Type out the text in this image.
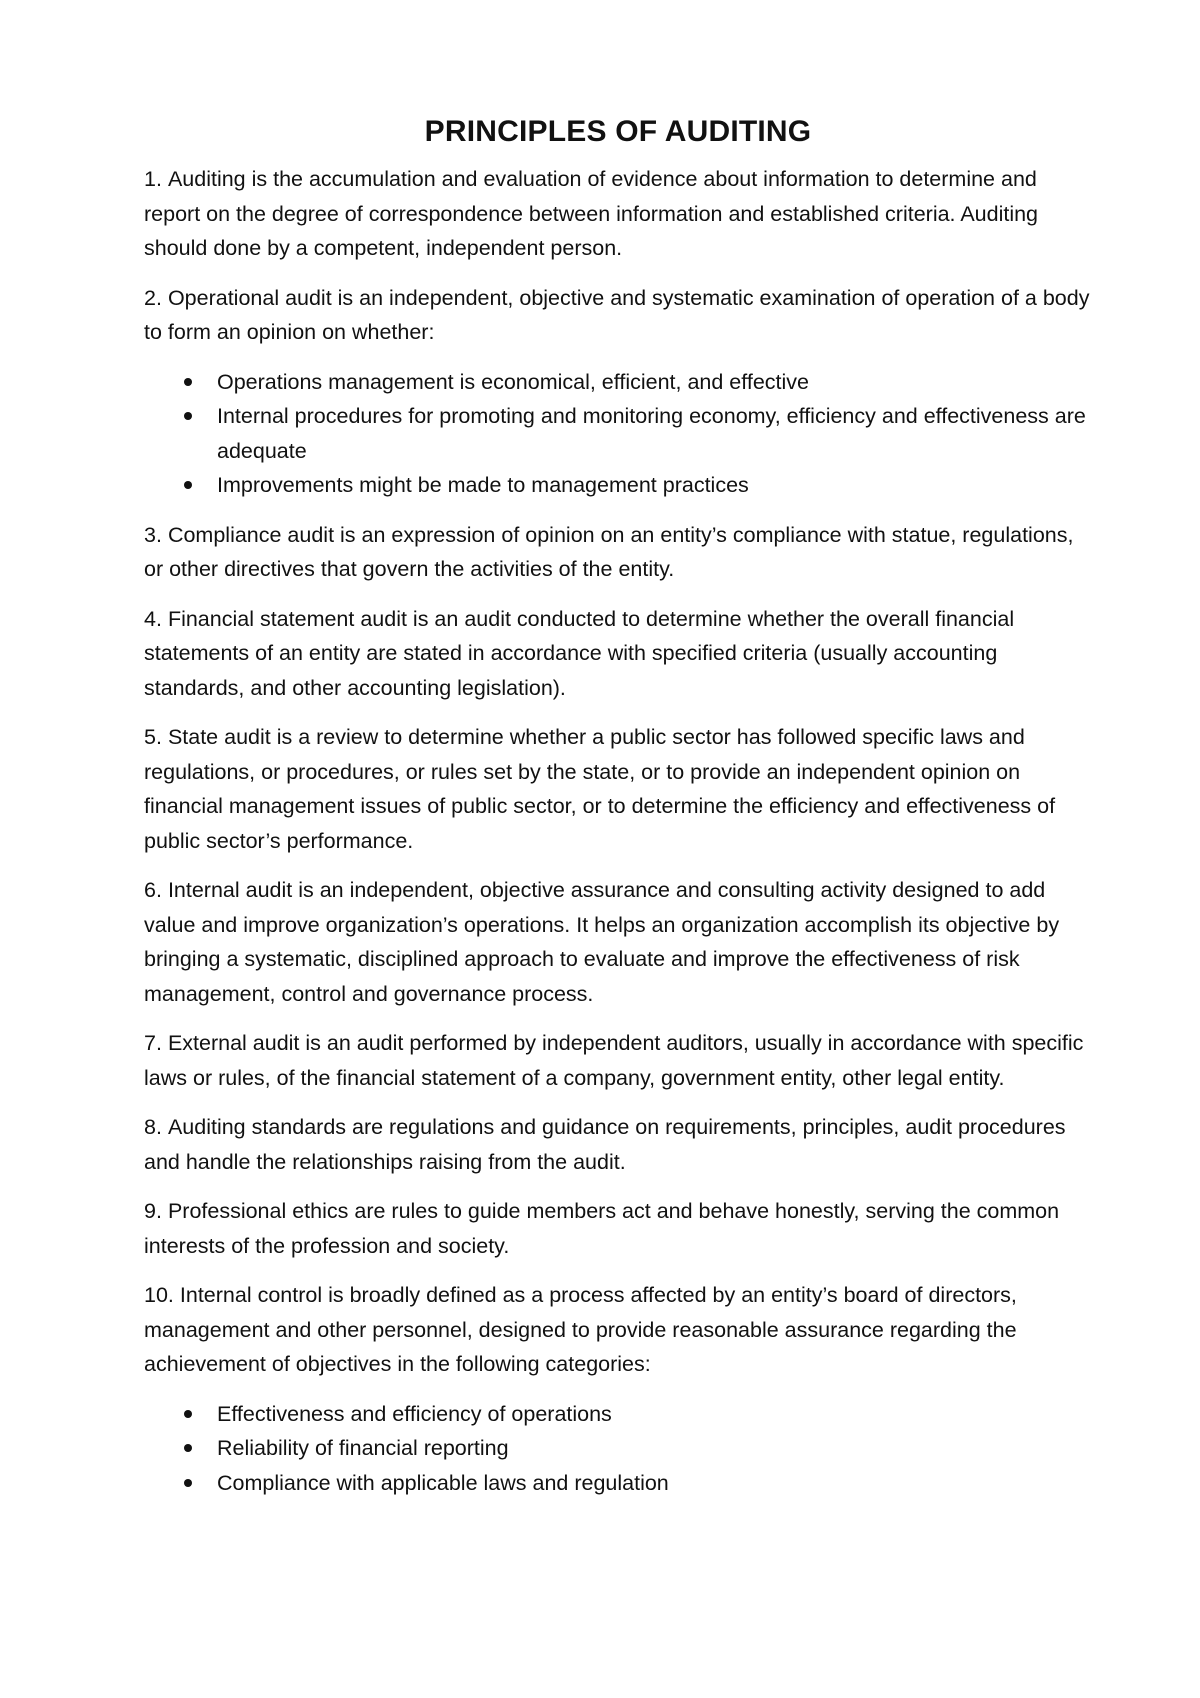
PRINCIPLES OF AUDITING

1. Auditing is the accumulation and evaluation of evidence about information to determine and report on the degree of correspondence between information and established criteria. Auditing should done by a competent, independent person.

2. Operational audit is an independent, objective and systematic examination of operation of a body to form an opinion on whether:

Operations management is economical, efficient, and effective
Internal procedures for promoting and monitoring economy, efficiency and effectiveness are adequate
Improvements might be made to management practices

3. Compliance audit is an expression of opinion on an entity’s compliance with statue, regulations, or other directives that govern the activities of the entity.

4. Financial statement audit is an audit conducted to determine whether the overall financial statements of an entity are stated in accordance with specified criteria (usually accounting standards, and other accounting legislation).

5. State audit is a review to determine whether a public sector has followed specific laws and regulations, or procedures, or rules set by the state, or to provide an independent opinion on financial management issues of public sector, or to determine the efficiency and effectiveness of public sector’s performance.

6. Internal audit is an independent, objective assurance and consulting activity designed to add value and improve organization’s operations. It helps an organization accomplish its objective by bringing a systematic, disciplined approach to evaluate and improve the effectiveness of risk management, control and governance process.

7. External audit is an audit performed by independent auditors, usually in accordance with specific laws or rules, of the financial statement of a company, government entity, other legal entity.

8. Auditing standards are regulations and guidance on requirements, principles, audit procedures and handle the relationships raising from the audit.

9. Professional ethics are rules to guide members act and behave honestly, serving the common interests of the profession and society.

10. Internal control is broadly defined as a process affected by an entity’s board of directors, management and other personnel, designed to provide reasonable assurance regarding the achievement of objectives in the following categories:

Effectiveness and efficiency of operations
Reliability of financial reporting
Compliance with applicable laws and regulation
